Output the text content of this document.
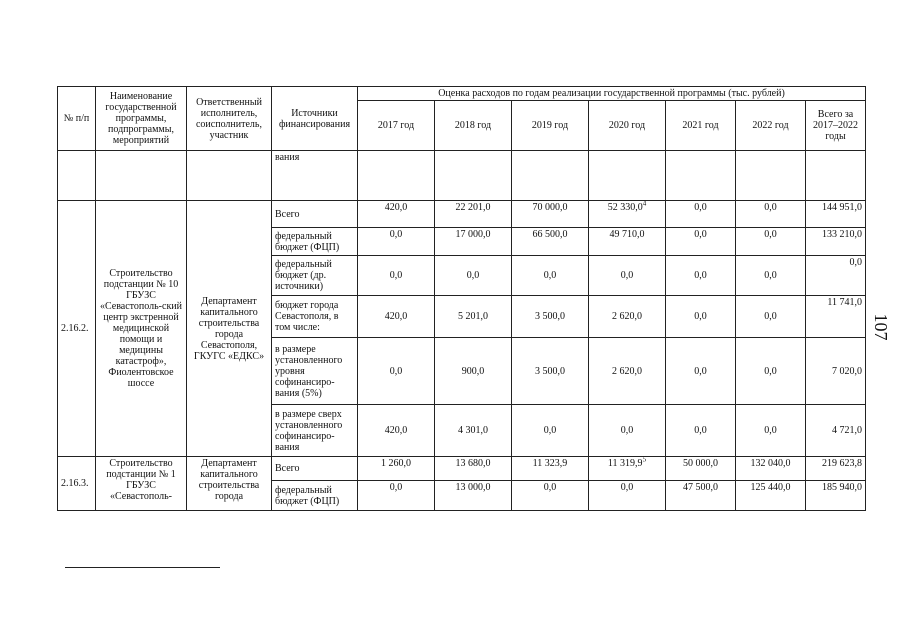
107
№ п/п	Наименование государственной программы, подпрограммы, мероприятий	Ответственный исполнитель, соисполнитель, участник	Источники финансирования	Оценка расходов по годам реализации государственной программы (тыс. рублей)						
				2017 год	2018 год	2019 год	2020 год	2021 год	2022 год	Всего за 2017–2022 годы
			вания							
2.16.2.	Строительство подстанции № 10 ГБУЗС «Севастополь-ский центр экстренной медицинской помощи и медицины катастроф», Фиолентовское шоссе	Департамент капитального строительства города Севастополя, ГКУГС «ЕДКС»	Всего	420,0	22 201,0	70 000,0	52 330,0$^4$	0,0	0,0	144 951,0
			федеральный бюджет (ФЦП)	0,0	17 000,0	66 500,0	49 710,0	0,0	0,0	133 210,0
			федеральный бюджет (др. источники)	0,0	0,0	0,0	0,0	0,0	0,0	0,0
			бюджет города Севастополя, в том числе:	420,0	5 201,0	3 500,0	2 620,0	0,0	0,0	11 741,0
			в размере установленного уровня софинансиро-вания (5%)	0,0	900,0	3 500,0	2 620,0	0,0	0,0	7 020,0
			в размере сверх установленного софинансиро-вания	420,0	4 301,0	0,0	0,0	0,0	0,0	4 721,0
2.16.3.	Строительство подстанции № 1 ГБУЗС «Севастополь-	Департамент капитального строительства города	Всего	1 260,0	13 680,0	11 323,9	11 319,9$^5$	50 000,0	132 040,0	219 623,8
			федеральный бюджет (ФЦП)	0,0	13 000,0	0,0	0,0	47 500,0	125 440,0	185 940,0
